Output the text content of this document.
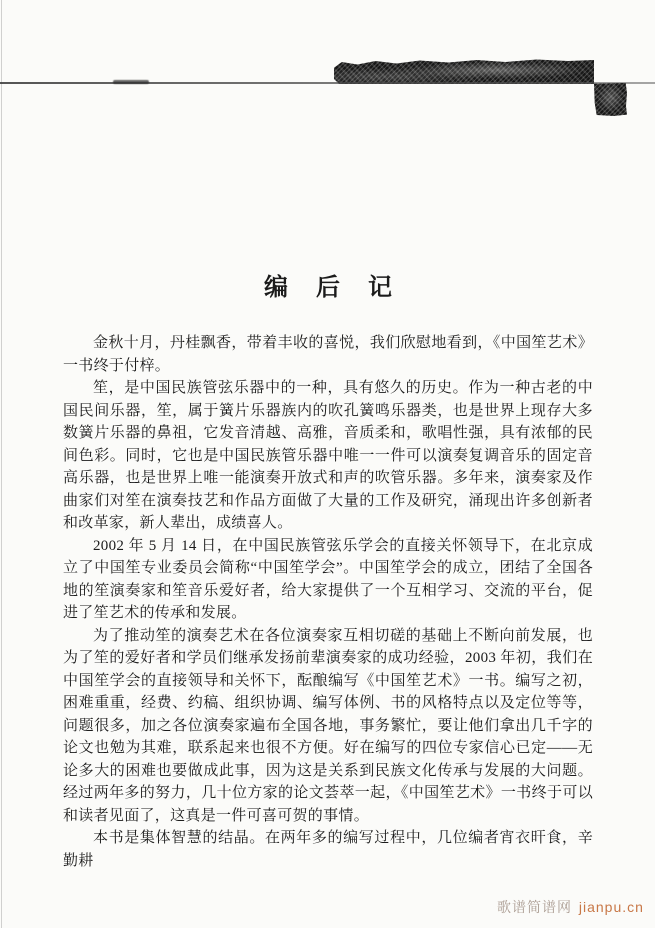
编 后 记

金秋十月，丹桂飘香，带着丰收的喜悦，我们欣慰地看到，《中国笙艺术》一书终于付梓。

笙，是中国民族管弦乐器中的一种，具有悠久的历史。作为一种古老的中国民间乐器，笙，属于簧片乐器族内的吹孔簧鸣乐器类，也是世界上现存大多数簧片乐器的鼻祖，它发音清越、高雅，音质柔和，歌唱性强，具有浓郁的民间色彩。同时，它也是中国民族管乐器中唯一一件可以演奏复调音乐的固定音高乐器，也是世界上唯一能演奏开放式和声的吹管乐器。多年来，演奏家及作曲家们对笙在演奏技艺和作品方面做了大量的工作及研究，涌现出许多创新者和改革家，新人辈出，成绩喜人。

2002 年 5 月 14 日，在中国民族管弦乐学会的直接关怀领导下，在北京成立了中国笙专业委员会简称“中国笙学会”。中国笙学会的成立，团结了全国各地的笙演奏家和笙音乐爱好者，给大家提供了一个互相学习、交流的平台，促进了笙艺术的传承和发展。

为了推动笙的演奏艺术在各位演奏家互相切磋的基础上不断向前发展，也为了笙的爱好者和学员们继承发扬前辈演奏家的成功经验，2003 年初，我们在中国笙学会的直接领导和关怀下，酝酿编写《中国笙艺术》一书。编写之初，困难重重，经费、约稿、组织协调、编写体例、书的风格特点以及定位等等，问题很多，加之各位演奏家遍布全国各地，事务繁忙，要让他们拿出几千字的论文也勉为其难，联系起来也很不方便。好在编写的四位专家信心已定——无论多大的困难也要做成此事，因为这是关系到民族文化传承与发展的大问题。经过两年多的努力，几十位方家的论文荟萃一起，《中国笙艺术》一书终于可以和读者见面了，这真是一件可喜可贺的事情。

本书是集体智慧的结晶。在两年多的编写过程中，几位编者宵衣旰食，辛勤耕

歌谱简谱网 jianpu.cn
